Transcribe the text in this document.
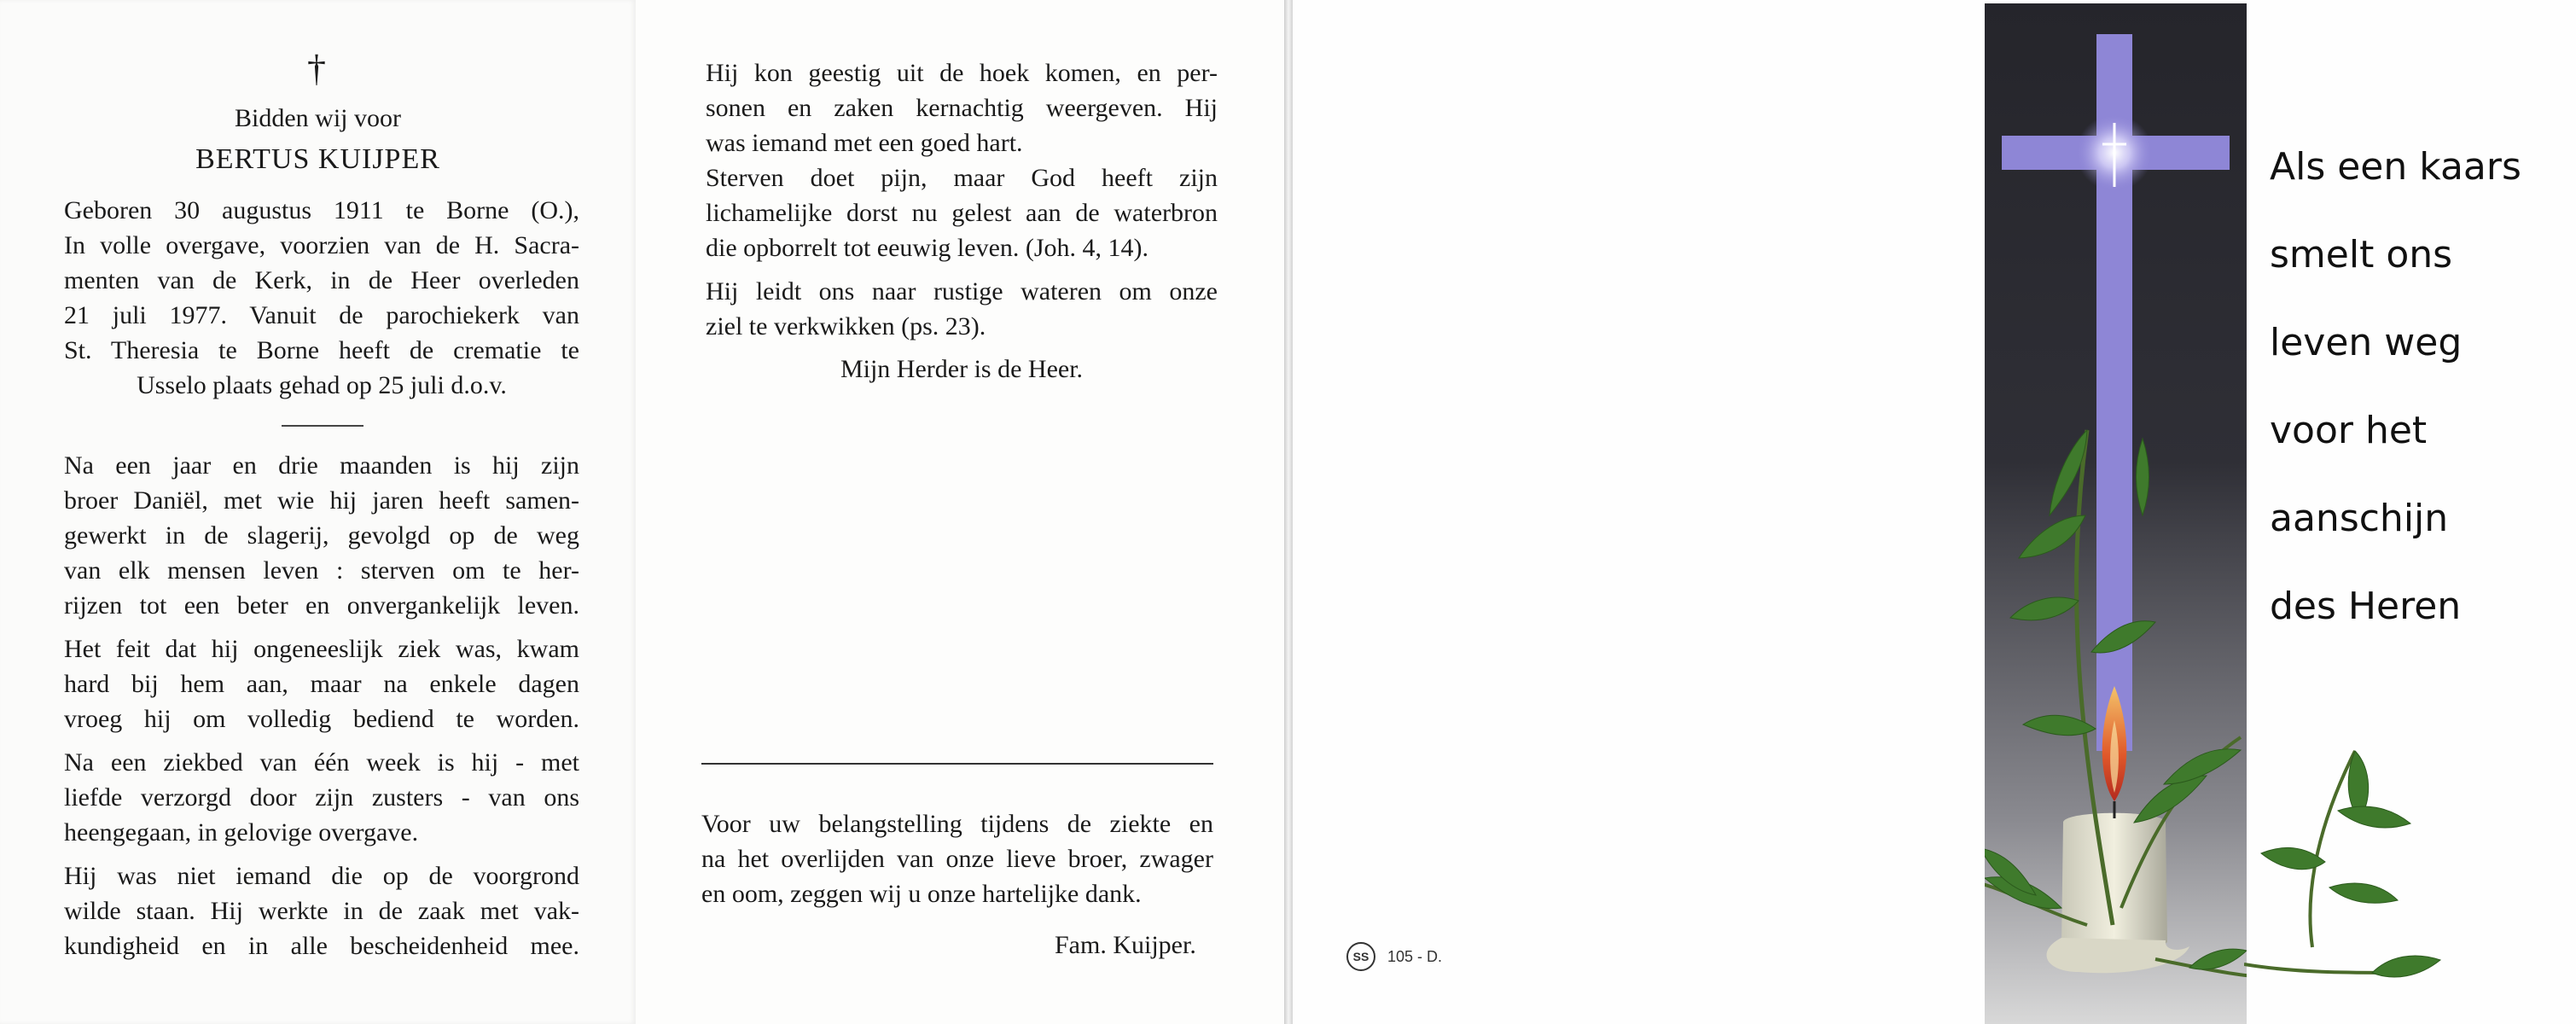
†
Bidden wij voor
BERTUS KUIJPER
Geboren 30 augustus 1911 te Borne (O.),
In volle overgave, voorzien van de H. Sacra-
menten van de Kerk, in de Heer overleden
21 juli 1977. Vanuit de parochiekerk van
St. Theresia te Borne heeft de crematie te
Usselo plaats gehad op 25 juli d.o.v.
Na een jaar en drie maanden is hij zijn
broer Daniël, met wie hij jaren heeft samen-
gewerkt in de slagerij, gevolgd op de weg
van elk mensen leven : sterven om te her-
rijzen tot een beter en onvergankelijk leven.
Het feit dat hij ongeneeslijk ziek was, kwam
hard bij hem aan, maar na enkele dagen
vroeg hij om volledig bediend te worden.
Na een ziekbed van één week is hij - met
liefde verzorgd door zijn zusters - van ons
heengegaan, in gelovige overgave.
Hij was niet iemand die op de voorgrond
wilde staan. Hij werkte in de zaak met vak-
kundigheid en in alle bescheidenheid mee.
Hij kon geestig uit de hoek komen, en per-
sonen en zaken kernachtig weergeven. Hij
was iemand met een goed hart.
Sterven doet pijn, maar God heeft zijn
lichamelijke dorst nu gelest aan de waterbron
die opborrelt tot eeuwig leven. (Joh. 4, 14).
Hij leidt ons naar rustige wateren om onze
ziel te verkwikken (ps. 23).
Mijn Herder is de Heer.
Voor uw belangstelling tijdens de ziekte en
na het overlijden van onze lieve broer, zwager
en oom, zeggen wij u onze hartelijke dank.
Fam. Kuijper.	SS	105 - D.
Als een kaars
smelt ons
leven weg
voor het
aanschijn
des Heren
